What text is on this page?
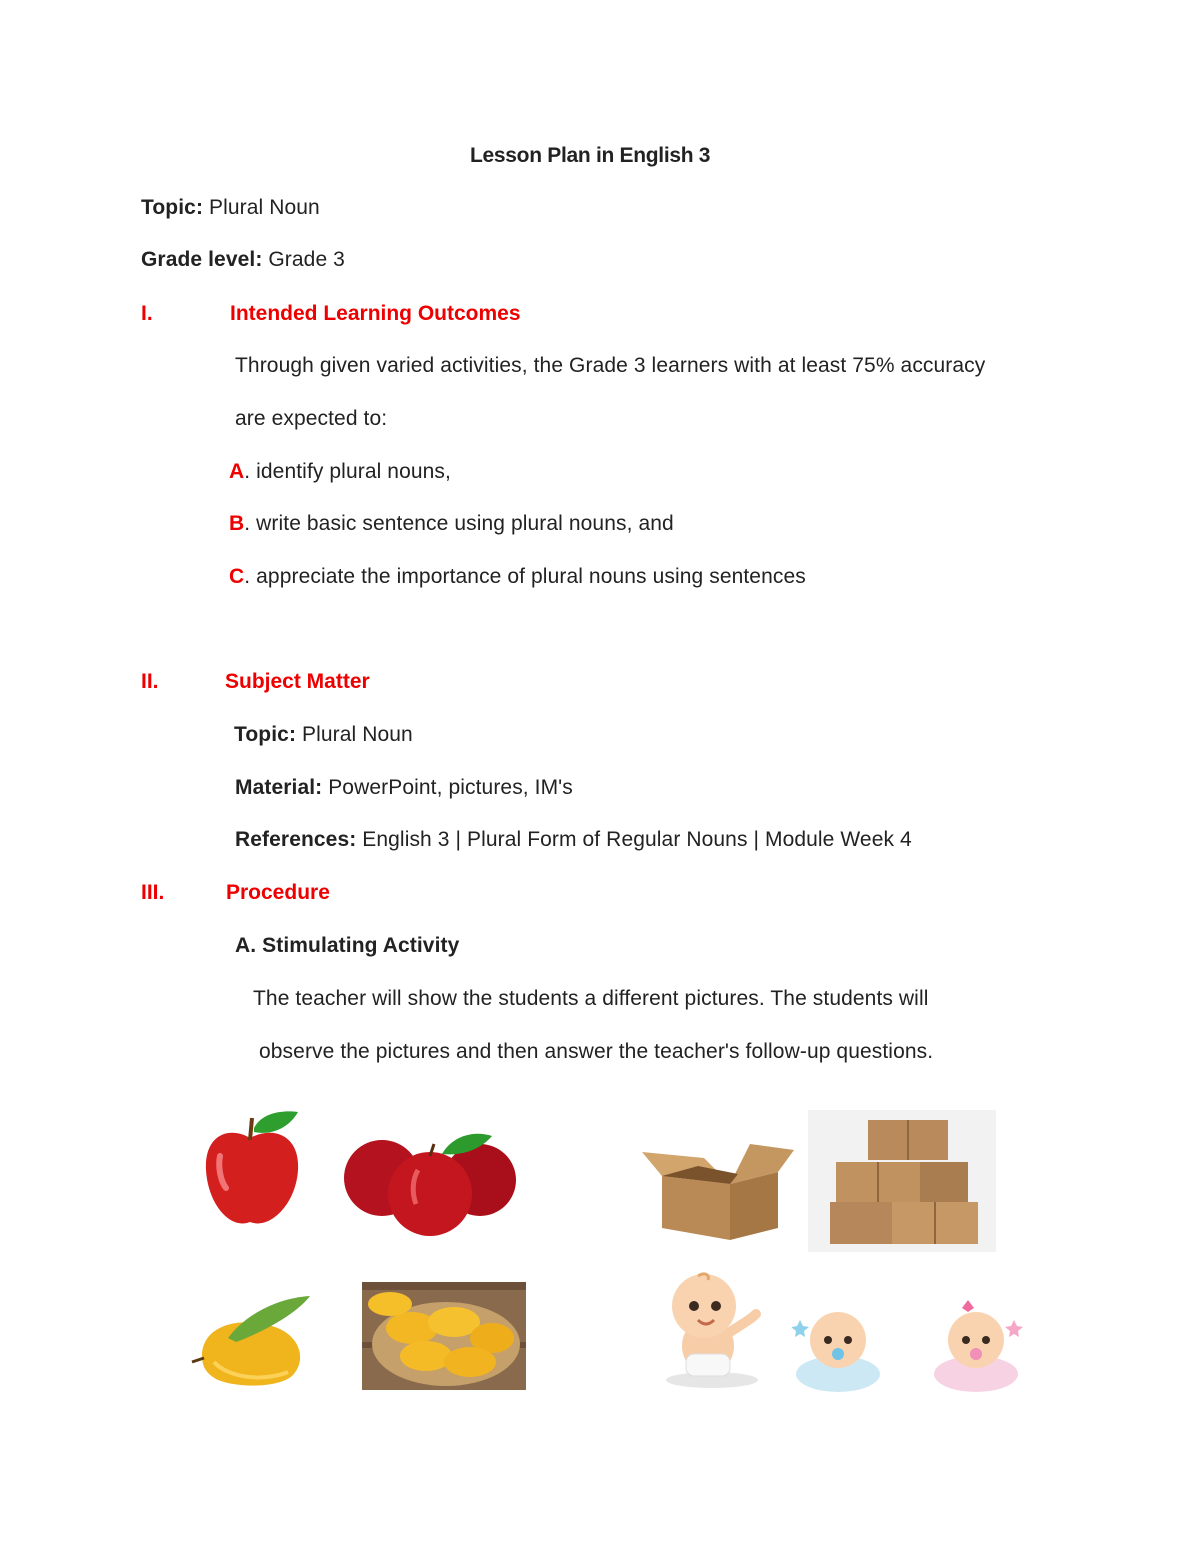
Lesson Plan in English 3
Topic: Plural Noun
Grade level: Grade 3
I.	Intended Learning Outcomes
Through given varied activities, the Grade 3 learners with at least 75% accuracy
are expected to:
A. identify plural nouns,
B. write basic sentence using plural nouns, and
C. appreciate the importance of plural nouns using sentences
II.	Subject Matter
Topic: Plural Noun
Material: PowerPoint, pictures, IM's
References: English 3 | Plural Form of Regular Nouns | Module Week 4
III.	Procedure
A. Stimulating Activity
The teacher will show the students a different pictures. The students will
observe the pictures and then answer the teacher's follow-up questions.
